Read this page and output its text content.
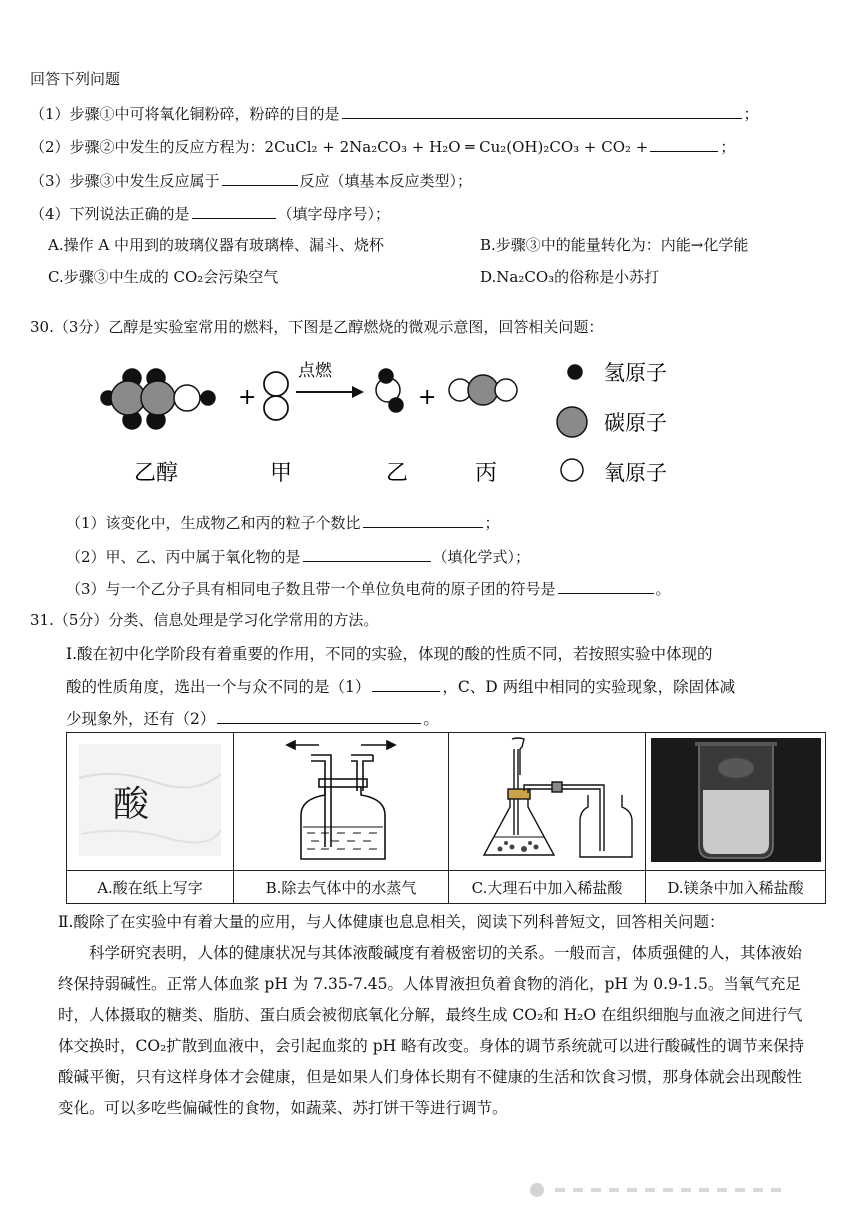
回答下列问题
（1）步骤①中可将氧化铜粉碎，粉碎的目的是	；
（2）步骤②中发生的反应方程为：2CuCl₂ + 2Na₂CO₃ + H₂O ═ Cu₂(OH)₂CO₃ + CO₂ +	；
（3）步骤③中发生反应属于	反应（填基本反应类型）；
（4）下列说法正确的是	（填字母序号）；
A.操作 A 中用到的玻璃仪器有玻璃棒、漏斗、烧杯	B.步骤③中的能量转化为：内能→化学能
C.步骤③中生成的 CO₂会污染空气	D.Na₂CO₃的俗称是小苏打
30.（3分）乙醇是实验室常用的燃料，下图是乙醇燃烧的微观示意图，回答相关问题：
+
点燃
+
氢原子
碳原子
氧原子
乙醇	甲	乙	丙
（1）该变化中，生成物乙和丙的粒子个数比	；
（2）甲、乙、丙中属于氧化物的是	（填化学式）；
（3）与一个乙分子具有相同电子数且带一个单位负电荷的原子团的符号是	。
31.（5分）分类、信息处理是学习化学常用的方法。
Ⅰ.酸在初中化学阶段有着重要的作用，不同的实验，体现的酸的性质不同，若按照实验中体现的
酸的性质角度，选出一个与众不同的是（1）	，C、D 两组中相同的实验现象，除固体减
少现象外，还有（2）	。
酸

A.酸在纸上写字	B.除去气体中的水蒸气	C.大理石中加入稀盐酸	D.镁条中加入稀盐酸
Ⅱ.酸除了在实验中有着大量的应用，与人体健康也息息相关，阅读下列科普短文，回答相关问题：

科学研究表明，人体的健康状况与其体液酸碱度有着极密切的关系。一般而言，体质强健的人，其体液始终保持弱碱性。正常人体血浆 pH 为 7.35-7.45。人体胃液担负着食物的消化，pH 为 0.9-1.5。当氧气充足时，人体摄取的糖类、脂肪、蛋白质会被彻底氧化分解，最终生成 CO₂和 H₂O 在组织细胞与血液之间进行气体交换时，CO₂扩散到血液中，会引起血浆的 pH 略有改变。身体的调节系统就可以进行酸碱性的调节来保持酸碱平衡，只有这样身体才会健康，但是如果人们身体长期有不健康的生活和饮食习惯，那身体就会出现酸性变化。可以多吃些偏碱性的食物，如蔬菜、苏打饼干等进行调节。
